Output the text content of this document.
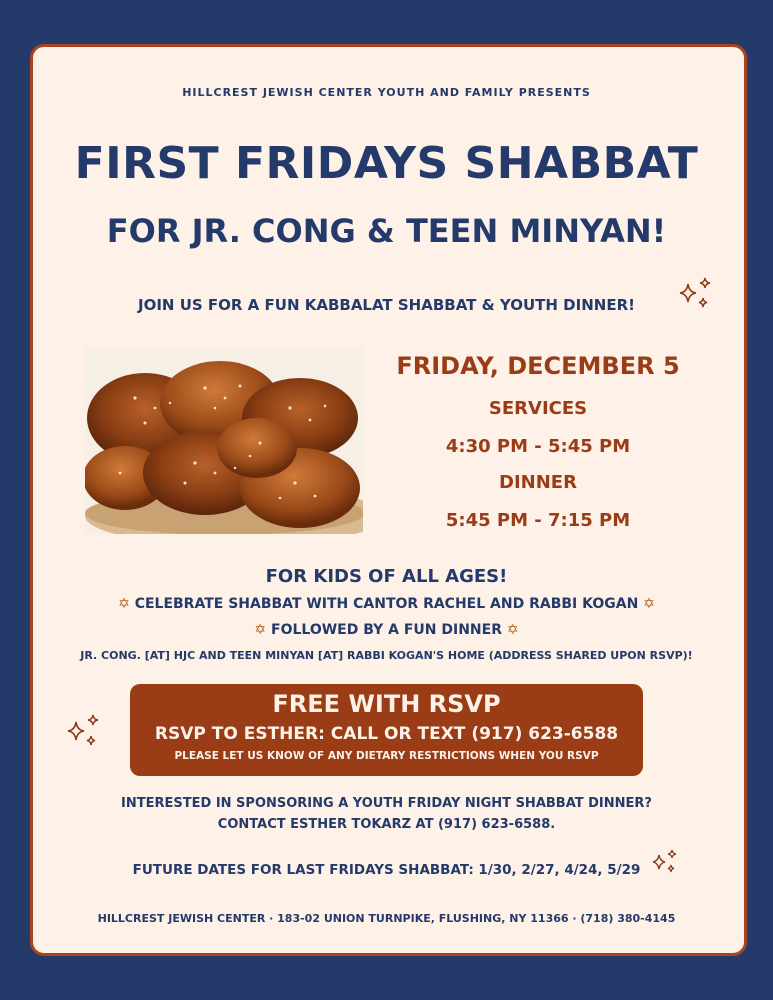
HILLCREST JEWISH CENTER YOUTH AND FAMILY PRESENTS
FIRST FRIDAYS SHABBAT
FOR JR. CONG & TEEN MINYAN!
JOIN US FOR A FUN KABBALAT SHABBAT & YOUTH DINNER!
FRIDAY, DECEMBER 5
SERVICES
4:30 PM - 5:45 PM
DINNER
5:45 PM - 7:15 PM
FOR KIDS OF ALL AGES!
✡ CELEBRATE SHABBAT WITH CANTOR RACHEL AND RABBI KOGAN ✡
✡ FOLLOWED BY A FUN DINNER ✡
JR. CONG. [AT] HJC AND TEEN MINYAN [AT] RABBI KOGAN'S HOME (ADDRESS SHARED UPON RSVP)!
FREE WITH RSVP
RSVP TO ESTHER: CALL OR TEXT (917) 623-6588
PLEASE LET US KNOW OF ANY DIETARY RESTRICTIONS WHEN YOU RSVP
INTERESTED IN SPONSORING A YOUTH FRIDAY NIGHT SHABBAT DINNER?
CONTACT ESTHER TOKARZ AT (917) 623-6588.
FUTURE DATES FOR LAST FRIDAYS SHABBAT: 1/30, 2/27, 4/24, 5/29
HILLCREST JEWISH CENTER · 183-02 UNION TURNPIKE, FLUSHING, NY 11366 · (718) 380-4145
